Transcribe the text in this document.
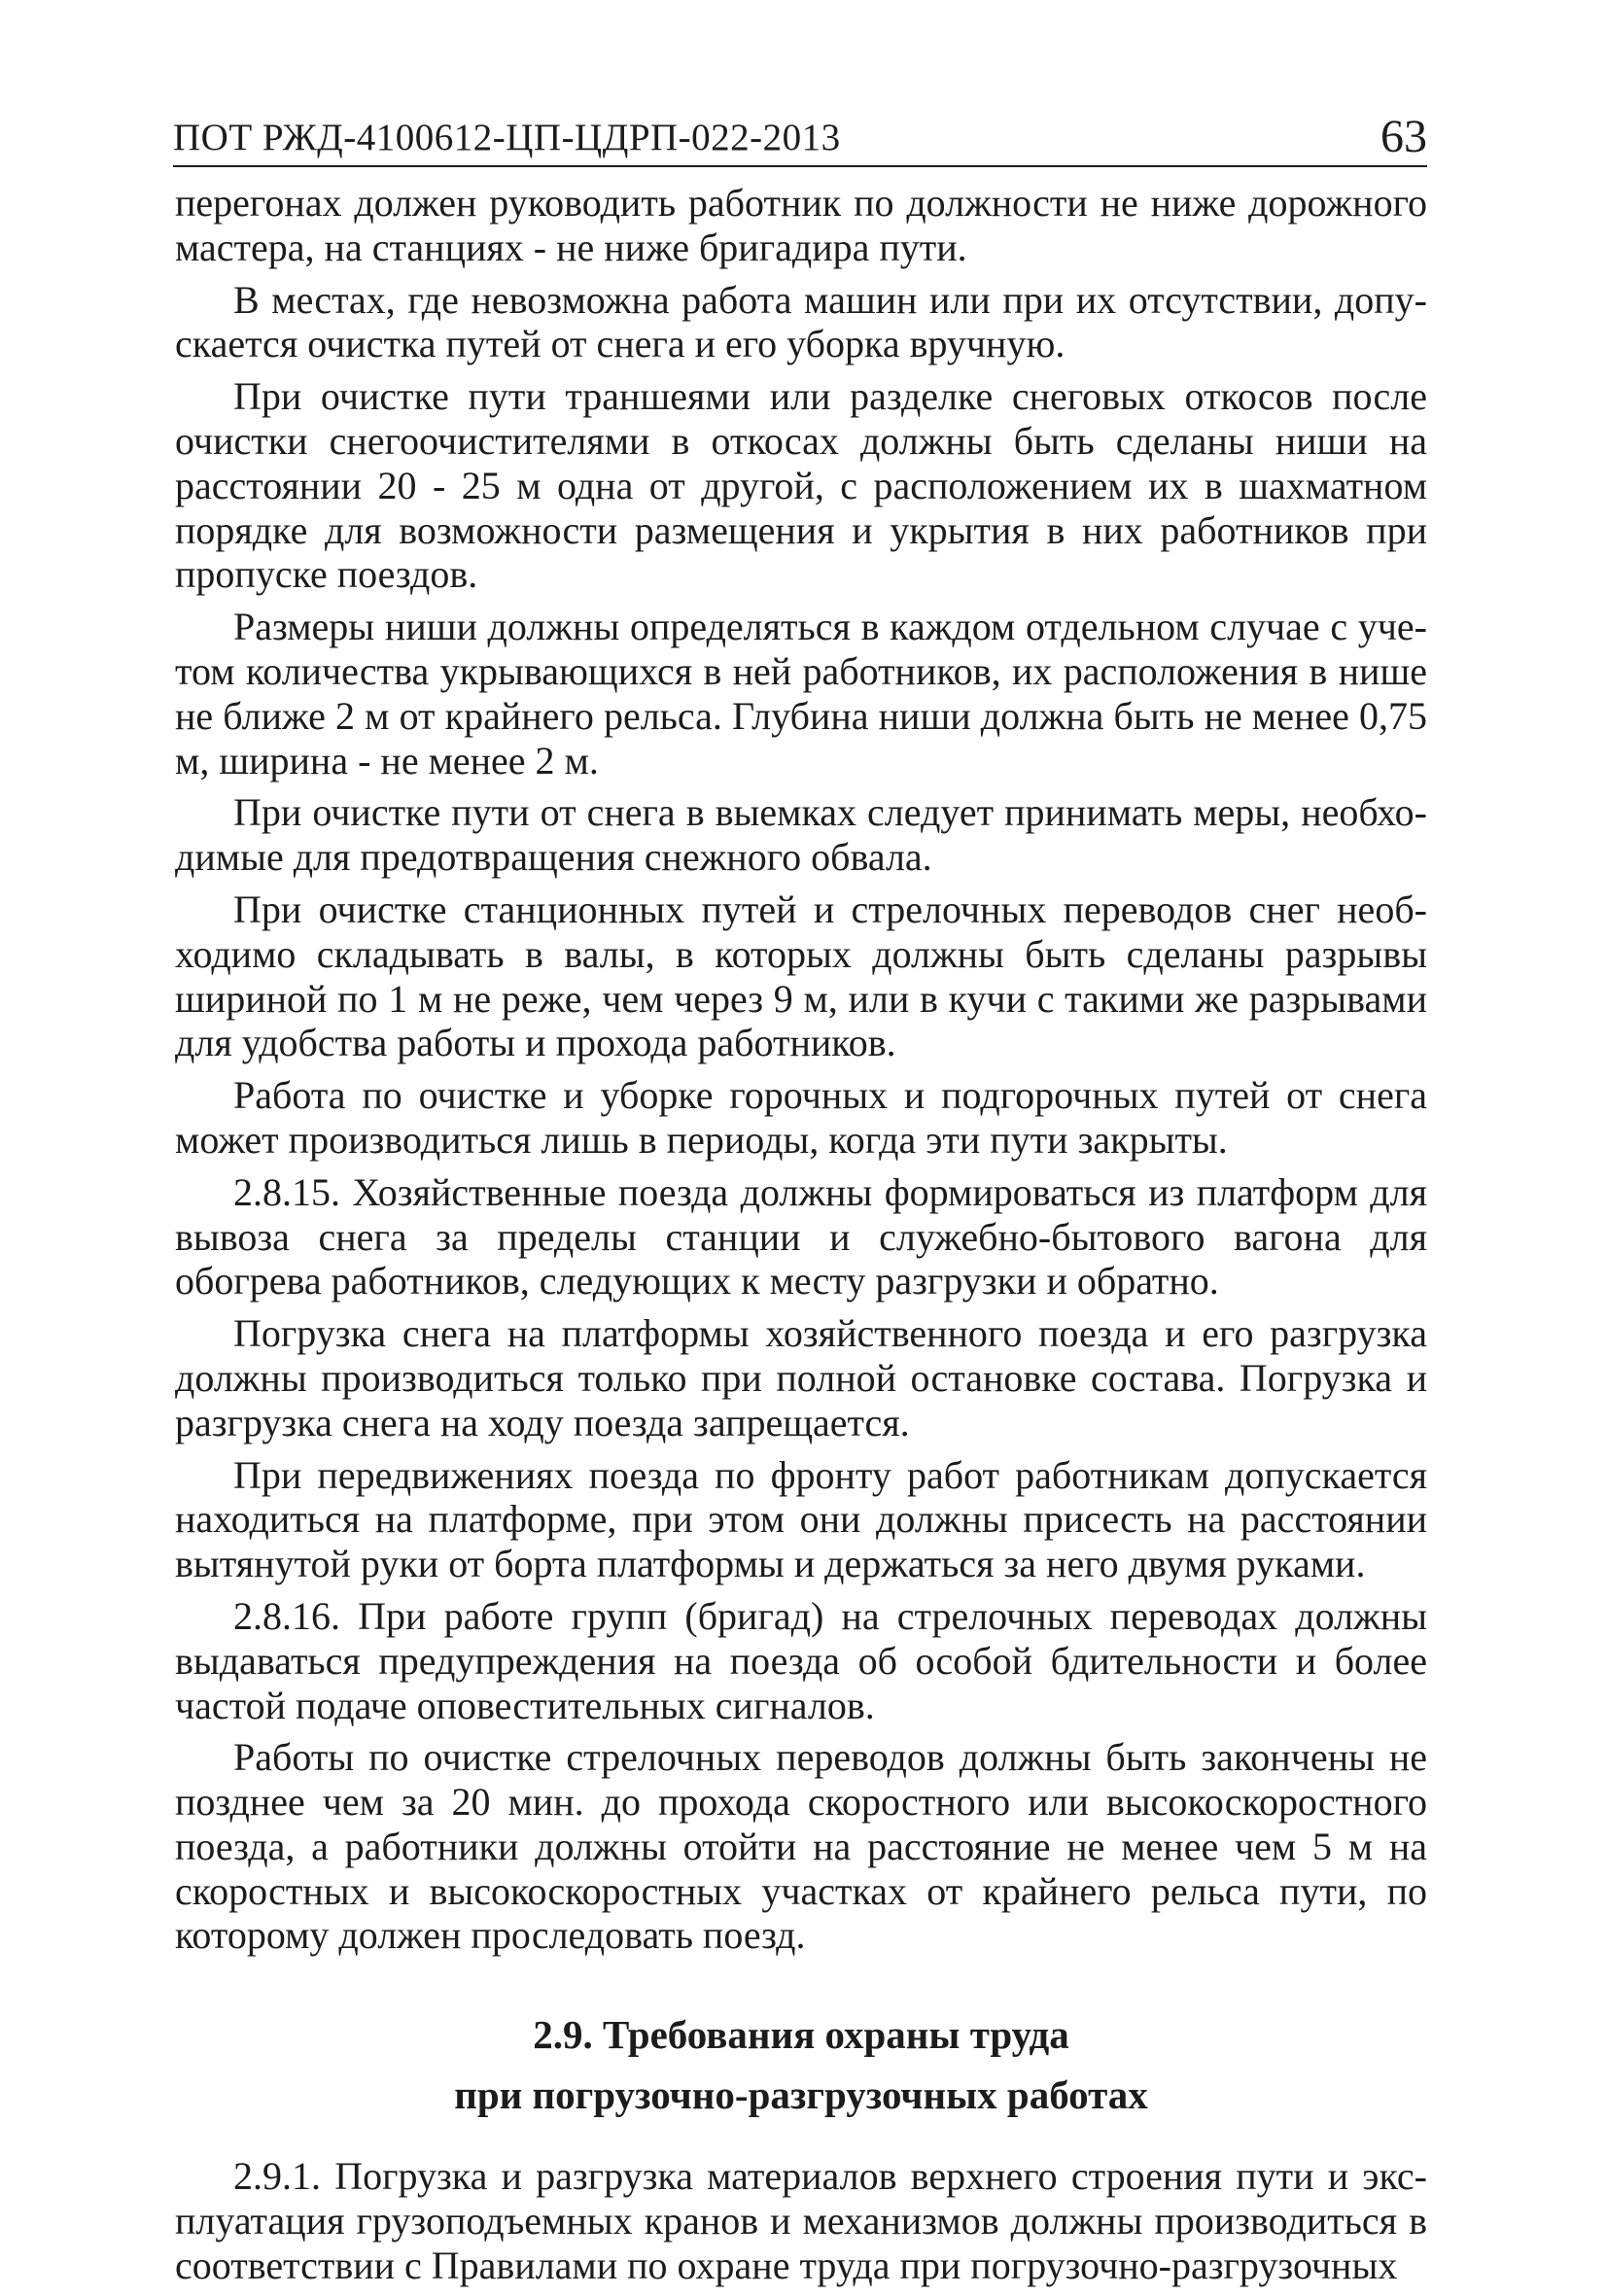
ПОТ РЖД-4100612-ЦП-ЦДРП-022-2013	63

перегонах должен руководить работник по должности не ниже дорожного мастера, на станциях - не ниже бригадира пути.

В местах, где невозможна работа машин или при их отсутствии, допускается очистка путей от снега и его уборка вручную.

При очистке пути траншеями или разделке снеговых откосов после очистки снегоочистителями в откосах должны быть сделаны ниши на расстоянии 20 - 25 м одна от другой, с расположением их в шахматном порядке для возможности размещения и укрытия в них работников при пропуске поездов.

Размеры ниши должны определяться в каждом отдельном случае с учетом количества укрывающихся в ней работников, их расположения в нише не ближе 2 м от крайнего рельса. Глубина ниши должна быть не менее 0,75 м, ширина - не менее 2 м.

При очистке пути от снега в выемках следует принимать меры, необходимые для предотвращения снежного обвала.

При очистке станционных путей и стрелочных переводов снег необходимо складывать в валы, в которых должны быть сделаны разрывы шириной по 1 м не реже, чем через 9 м, или в кучи с такими же разрывами для удобства работы и прохода работников.

Работа по очистке и уборке горочных и подгорочных путей от снега может производиться лишь в периоды, когда эти пути закрыты.

2.8.15. Хозяйственные поезда должны формироваться из платформ для вывоза снега за пределы станции и служебно-бытового вагона для обогрева работников, следующих к месту разгрузки и обратно.

Погрузка снега на платформы хозяйственного поезда и его разгрузка должны производиться только при полной остановке состава. Погрузка и разгрузка снега на ходу поезда запрещается.

При передвижениях поезда по фронту работ работникам допускается находиться на платформе, при этом они должны присесть на расстоянии вытянутой руки от борта платформы и держаться за него двумя руками.

2.8.16. При работе групп (бригад) на стрелочных переводах должны выдаваться предупреждения на поезда об особой бдительности и более частой подаче оповестительных сигналов.

Работы по очистке стрелочных переводов должны быть закончены не позднее чем за 20 мин. до прохода скоростного или высокоскоростного поезда, а работники должны отойти на расстояние не менее чем 5 м на скоростных и высокоскоростных участках от крайнего рельса пути, по которому должен проследовать поезд.

2.9. Требования охраны труда
при погрузочно-разгрузочных работах

2.9.1. Погрузка и разгрузка материалов верхнего строения пути и эксплуатация грузоподъемных кранов и механизмов должны производиться в соответствии с Правилами по охране труда при погрузочно-разгрузочных
